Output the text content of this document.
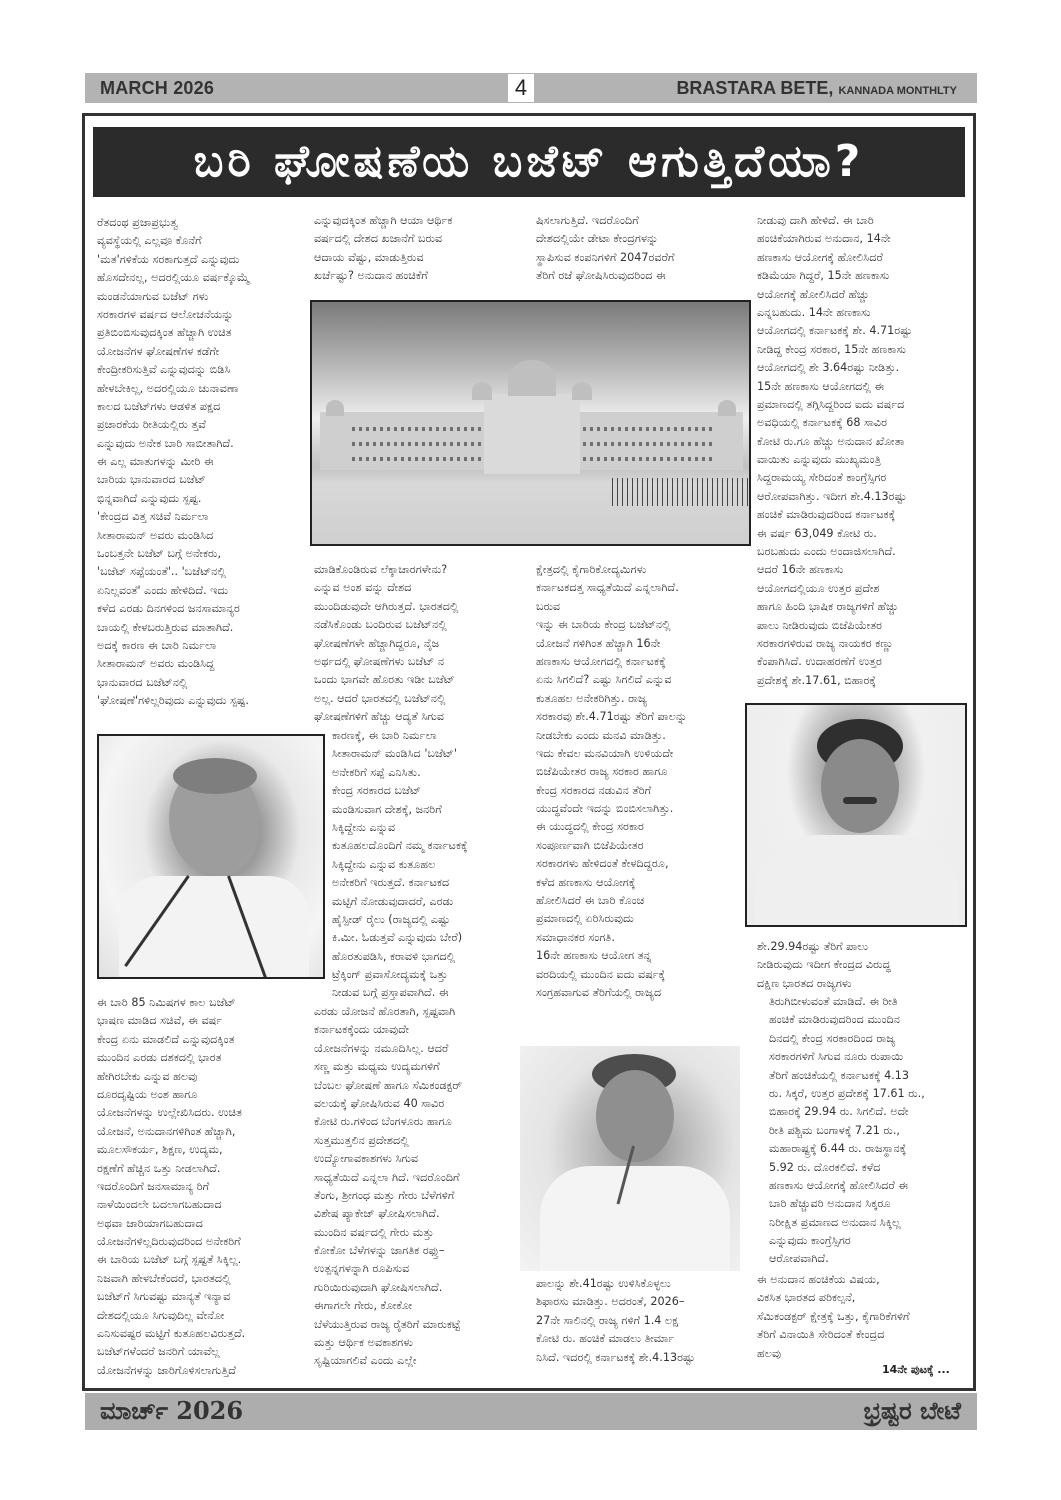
MARCH 2026	4	BRASTARA BETE, KANNADA MONTHLTY
ಬರಿ ಘೋಷಣೆಯ ಬಜೆಟ್ ಆಗುತ್ತಿದೆಯಾ?
ರೆತದಂಥ ಪ್ರಜಾಪ್ರಭುತ್ವ
ವ್ಯವಸ್ಥೆಯಲ್ಲಿ ಎಲ್ಲವೂ ಕೊನೆಗೆ
'ಮತ'ಗಳಿಕೆಯ ಸರಕಾಗುತ್ತದೆ ಎನ್ನುವುದು
ಹೊಸದೇನಲ್ಲ, ಅದರಲ್ಲಿಯೂ ವರ್ಷಕ್ಕೊಮ್ಮೆ
ಮಂಡನೆಯಾಗುವ ಬಜೆಟ್ ಗಳು
ಸರಕಾರಗಳ ವರ್ಷದ ಆಲೋಚನೆಯನ್ನು
ಪ್ರತಿಬಿಂಬಿಸುವುದಕ್ಕಿಂತ ಹೆಚ್ಚಾಗಿ ಉಚಿತ
ಯೋಜನೆಗಳ ಘೋಷಣೆಗಳ ಕಡೆಗೇ
ಕೇಂದ್ರೀಕರಿಸುತ್ತಿವೆ ಎನ್ನುವುದನ್ನು ಬಿಡಿಸಿ
ಹೇಳಬೇಕಿಲ್ಲ, ಅದರಲ್ಲಿಯೂ ಚುನಾವಣಾ
ಕಾಲದ ಬಜೆಟ್‌ಗಳು ಆಡಳಿತ ಪಕ್ಷದ
ಪ್ರಚಾರಕೆಯ ರೀತಿಯಲ್ಲಿರು ತ್ತವೆ
ಎನ್ನುವುದು ಅನೇಕ ಬಾರಿ ಸಾಬೀತಾಗಿದೆ.
ಈ ಎಲ್ಲ ಮಾತುಗಳನ್ನು ಮೀರಿ ಈ
ಬಾರಿಯ ಭಾನುವಾರದ ಬಜೆಟ್
ಭಿನ್ನವಾಗಿದೆ ಎನ್ನುವುದು ಸ್ಪಷ್ಟ.
'ಕೇಂದ್ರದ ವಿತ್ತ ಸಚಿವೆ ನಿರ್ಮಲಾ
ಸೀತಾರಾಮನ್ ಅವರು ಮಂಡಿಸಿದ
ಒಂಬತ್ತನೇ ಬಜೆಟ್ ಬಗ್ಗೆ ಅನೇಕರು,
'ಬಜೆಟ್ ಸಪ್ಪೆಯಂತೆ'.. 'ಬಜೆಟ್‌ನಲ್ಲಿ
ಏನಿಲ್ಲವಂತೆ' ಎಂದು ಹೇಳಿದಿದೆ. ಇದು
ಕಳೆದ ಎರಡು ದಿನಗಳಿಂದ ಜನಸಾಮಾನ್ಯರ
ಬಾಯಲ್ಲಿ ಕೇಳಬರುತ್ತಿರುವ ಮಾತಾಗಿದೆ.
ಅದಕ್ಕೆ ಕಾರಣ ಈ ಬಾರಿ ನಿರ್ಮಲಾ
ಸೀತಾರಾಮನ್ ಅವರು ಮಂಡಿಸಿದ್ದ
ಭಾನುವಾರದ ಬಜೆಟ್‌ನಲ್ಲಿ
'ಘೋಷಣೆ'ಗಳಿಲ್ಲರಿವುದು ಎನ್ನುವುದು ಸ್ಪಷ್ಟ.
ಈ ಬಾರಿ 85 ನಿಮಿಷಗಳ ಕಾಲ ಬಜೆಟ್
ಭಾಷಣ ಮಾಡಿದ ಸಚಿವೆ, ಈ ವರ್ಷ
ಕೇಂದ್ರ ಏನು ಮಾಡಲಿದೆ ಎನ್ನುವುದಕ್ಕಿಂತ
ಮುಂದಿನ ಎರಡು ದಶಕದಲ್ಲಿ ಭಾರತ
ಹೇಗಿರಬೇಕು ಎನ್ನುವ ಹಲವು
ದೂರದೃಷ್ಟಿಯ ಅಂಶ ಹಾಗೂ
ಯೋಜನೆಗಳನ್ನು ಉಲ್ಲೇಖಿಸಿದರು. ಉಚಿತ
ಯೋಜನೆ, ಅನುದಾನಗಳಿಗಿಂತ ಹೆಚ್ಚಾಗಿ,
ಮೂಲಸೌಕರ್ಯ, ಶಿಕ್ಷಣ, ಉದ್ಯಮ,
ರಕ್ಷಣೆಗೆ ಹೆಚ್ಚಿನ ಒತ್ತು ನೀಡಲಾಗಿದೆ.
ಇದರೊಂದಿಗೆ ಜನಸಾಮಾನ್ಯ ರಿಗೆ
ನಾಳೆಯಿಂದಲೇ ಬದಲಾಗಬಹುದಾದ
ಅಥವಾ ಜಾರಿಯಾಗಬಹುದಾದ
ಯೋಜನೆಗಳಿಲ್ಲದಿರುವುದರಿಂದ ಅನೇಕರಿಗೆ
ಈ ಬಾರಿಯ ಬಜೆಟ್ ಬಗ್ಗೆ ಸ್ಪಷ್ಟತೆ ಸಿಕ್ಕಿಲ್ಲ.
ನಿಜವಾಗಿ ಹೇಳಬೇಕೆಂದರೆ, ಭಾರತದಲ್ಲಿ
ಬಜೆಟ್‌ಗೆ ಸಿಗುವಷ್ಟು ಮಾನ್ಯತೆ ಇನ್ಯಾವ
ದೇಶದಲ್ಲಿಯೂ ಸಿಗುವುದಿಲ್ಲ ವೇನೋ
ಎನಿಸುವಷ್ಟರ ಮಟ್ಟಿಗೆ ಕುತೂಹಲವಿರುತ್ತದೆ.
ಬಜೆಟ್‌ಗಳೆಂದರೆ ಜನರಿಗೆ ಯಾವೆಲ್ಲ
ಯೋಜನೆಗಳನ್ನು ಜಾರಿಗೊಳಿಸಲಾಗುತ್ತಿದೆ
ಎನ್ನುವುದಕ್ಕಿಂತ ಹೆಚ್ಚಾಗಿ ಆಯಾ ಆರ್ಥಿಕ
ವರ್ಷದಲ್ಲಿ ದೇಶದ ಖಜಾನೆಗೆ ಬರುವ
ಆದಾಯ ವೆಷ್ಟು, ಮಾಡುತ್ತಿರುವ
ಖರ್ಚೆಷ್ಟು? ಅನುದಾನ ಹಂಚಿಕೆಗೆ
ಷಿಸಲಾಗುತ್ತಿದೆ. ಇದರೊಂದಿಗೆ
ದೇಶದಲ್ಲಿಯೇ ಡೇಟಾ ಕೇಂದ್ರಗಳನ್ನು
ಸ್ಥಾಪಿಸುವ ಕಂಪನಿಗಳಿಗೆ 2047ರವರೆಗೆ
ತೆರಿಗೆ ರಜೆ ಘೋಷಿಸಿರುವುದರಿಂದ ಈ
ಮಾಡಿಕೊಂಡಿರುವ ಲೆಕ್ಕಾಚಾರಗಳೇನು?
ಎನ್ನುವ ಅಂಶ ವನ್ನು ದೇಶದ
ಮುಂದಿಡುವುದೇ ಆಗಿರುತ್ತದೆ. ಭಾರತದಲ್ಲಿ
ನಡೆಸಿಕೊಂಡು ಬಂದಿರುವ ಬಜೆಟ್‌ನಲ್ಲಿ
ಘೋಷಣೆಗಳೇ ಹೆಚ್ಚಾಗಿದ್ದರೂ, ನೈಜ
ಅರ್ಥದಲ್ಲಿ ಘೋಷಣೆಗಳು ಬಜೆಟ್ ನ
ಒಂದು ಭಾಗವೇ ಹೊರತು ಇಡೀ ಬಜೆಟ್
ಅಲ್ಲ. ಆದರೆ ಭಾರತದಲ್ಲಿ ಬಜೆಟ್‌ನಲ್ಲಿ
ಘೋಷಣೆಗಳಿಗೆ ಹೆಚ್ಚು ಆದ್ಯತೆ ಸಿಗುವ
ಕಾರಣಕ್ಕೆ, ಈ ಬಾರಿ ನಿರ್ಮಲಾ
ಸೀತಾರಾಮನ್ ಮಂಡಿಸಿದ 'ಬಜೆಟ್'
ಅನೇಕರಿಗೆ ಸಪ್ಪೆ ಎನಿಸಿತು.
ಕೇಂದ್ರ ಸರಕಾರದ ಬಜೆಟ್
ಮಂಡಿಸುವಾಗ ದೇಶಕ್ಕೆ, ಜನರಿಗೆ
ಸಿಕ್ಕಿದ್ದೇನು ಎನ್ನುವ
ಕುತೂಹಲದೊಂದಿಗೆ ನಮ್ಮ ಕರ್ನಾಟಕಕ್ಕೆ
ಸಿಕ್ಕಿದ್ದೇನು ಎನ್ನುವ ಕುತೂಹಲ
ಅನೇಕರಿಗೆ ಇರುತ್ತದೆ. ಕರ್ನಾಟಕದ
ಮಟ್ಟಿಗೆ ನೋಡುವುದಾದರೆ, ಎರಡು
ಹೈಸ್ಪೀಡ್ ರೈಲು (ರಾಜ್ಯದಲ್ಲಿ ಎಷ್ಟು
ಕಿ.ಮೀ. ಓಡುತ್ತವೆ ಎನ್ನುವುದು ಬೇರೆ)
ಹೊರತುಪಡಿಸಿ, ಕರಾವಳಿ ಭಾಗದಲ್ಲಿ
ಟ್ರೆಕ್ಕಿಂಗ್ ಪ್ರವಾಸೋದ್ಯಮಕ್ಕೆ ಒತ್ತು
ನೀಡುವ ಬಗ್ಗೆ ಪ್ರಸ್ತಾಪವಾಗಿದೆ. ಈ
ಎರಡು ಯೋಜನೆ ಹೊರತಾಗಿ, ಸ್ಪಷ್ಟವಾಗಿ
ಕರ್ನಾಟಕಕ್ಕೆಂದು ಯಾವುದೇ
ಯೋಜನೆಗಳನ್ನು ನಮೂದಿಸಿಲ್ಲ. ಆದರೆ
ಸಣ್ಣ ಮತ್ತು ಮಧ್ಯಮ ಉದ್ಯಮಗಳಿಗೆ
ಬೆಂಬಲ ಘೋಷಣೆ ಹಾಗೂ ಸೆಮಿಕಂಡಕ್ಟರ್
ವಲಯಕ್ಕೆ ಘೋಷಿಸಿರುವ 40 ಸಾವಿರ
ಕೋಟಿ ರು.ಗಳಿಂದ ಬೆಂಗಳೂರು ಹಾಗೂ
ಸುತ್ತಮುತ್ತಲಿನ ಪ್ರದೇಶದಲ್ಲಿ
ಉದ್ಯೋಗಾವಕಾಶಗಳು ಸಿಗುವ
ಸಾಧ್ಯತೆಯಿದೆ ಎನ್ನಲಾ ಗಿದೆ. ಇದರೊಂದಿಗೆ
ತೆಂಗು, ಶ್ರೀಗಂಧ ಮತ್ತು ಗೇರು ಬೆಳೆಗಳಿಗೆ
ವಿಶೇಷ ಪ್ಯಾಕೇಜ್ ಘೋಷಿಸಲಾಗಿದೆ.
ಮುಂದಿನ ವರ್ಷದಲ್ಲಿ ಗೇರು ಮತ್ತು
ಕೋಕೋ ಬೆಳೆಗಳನ್ನು ಜಾಗತಿಕ ರಫ್ತು–
ಉತ್ಪನ್ನಗಳನ್ನಾಗಿ ರೂಪಿಸುವ
ಗುರಿಯಿರುವುದಾಗಿ ಘೋಷಿಸಲಾಗಿದೆ.
ಈಗಾಗಲೇ ಗೇರು, ಕೋಕೋ
ಬೆಳೆಯುತ್ತಿರುವ ರಾಜ್ಯ ರೈತರಿಗೆ ಮಾರುಕಟ್ಟೆ
ಮತ್ತು ಆರ್ಥಿಕ ಅವಕಾಶಗಳು
ಸೃಷ್ಟಿಯಾಗಲಿವೆ ಎಂದು ಎಲ್ಲೇ
ಕ್ಷೇತ್ರದಲ್ಲಿ ಕೈಗಾರಿಕೋದ್ಯಮಿಗಳು
ಕರ್ನಾಟಕದತ್ತ ಸಾಧ್ಯತೆಯಿದೆ ಎನ್ನಲಾಗಿದೆ.
ಬರುವ
ಇನ್ನು ಈ ಬಾರಿಯ ಕೇಂದ್ರ ಬಜೆಟ್‌ನಲ್ಲಿ
ಯೋಜನೆ ಗಳಿಗಿಂತ ಹೆಚ್ಚಾಗಿ 16ನೇ
ಹಣಕಾಸು ಆಯೋಗದಲ್ಲಿ ಕರ್ನಾಟಕಕ್ಕೆ
ಏನು ಸಿಗಲಿದೆ? ಎಷ್ಟು ಸಿಗಲಿದೆ ಎನ್ನುವ
ಕುತೂಹಲ ಅನೇಕರಿಗಿತ್ತು. ರಾಜ್ಯ
ಸರಕಾರವು ಶೇ.4.71ರಷ್ಟು ತೆರಿಗೆ ಪಾಲನ್ನು
ನೀಡಬೇಕು ಎಂದು ಮನವಿ ಮಾಡಿತ್ತು.
ಇದು ಕೇವಲ ಮನವಿಯಾಗಿ ಉಳಿಯದೇ
ಬಿಜೆಪಿಯೇತರ ರಾಜ್ಯ ಸರಕಾರ ಹಾಗೂ
ಕೇಂದ್ರ ಸರಕಾರದ ನಡುವಿನ ತೆರಿಗೆ
ಯುದ್ಧವೆಂದೇ ಇದನ್ನು ಬಿಂಬಿಸಲಾಗಿತ್ತು.
ಈ ಯುದ್ಧದಲ್ಲಿ ಕೇಂದ್ರ ಸರಕಾರ
ಸಂಪೂರ್ಣವಾಗಿ ಬಿಜೆಪಿಯೇತರ
ಸರಕಾರಗಳು ಹೇಳಿದಂತೆ ಕೇಳದಿದ್ದರೂ,
ಕಳೆದ ಹಣಕಾಸು ಆಯೋಗಕ್ಕೆ
ಹೋಲಿಸಿದರೆ ಈ ಬಾರಿ ಕೊಂಚ
ಪ್ರಮಾಣದಲ್ಲಿ ಏರಿಸಿರುವುದು
ಸಮಾಧಾನಕರ ಸಂಗತಿ.
16ನೇ ಹಣಕಾಸು ಆಯೋಗ ತನ್ನ
ವರದಿಯಲ್ಲಿ ಮುಂದಿನ ಐದು ವರ್ಷಕ್ಕೆ
ಸಂಗ್ರಹವಾಗುವ ತೆರಿಗೆಯಲ್ಲಿ ರಾಜ್ಯದ
ಪಾಲನ್ನು ಶೇ.41ರಷ್ಟು ಉಳಿಸಿಕೊಳ್ಳಲು
ಶಿಫಾರಸು ಮಾಡಿತ್ತು. ಅದರಂತೆ, 2026–
27ನೇ ಸಾಲಿನಲ್ಲಿ ರಾಜ್ಯ ಗಳಿಗೆ 1.4 ಲಕ್ಷ
ಕೋಟಿ ರು. ಹಂಚಿಕೆ ಮಾಡಲು ತೀರ್ಮಾ
ನಿಸಿದೆ. ಇದರಲ್ಲಿ ಕರ್ನಾಟಕಕ್ಕೆ ಶೇ.4.13ರಷ್ಟು
ನೀಡುವು ದಾಗಿ ಹೇಳಿದೆ. ಈ ಬಾರಿ
ಹಂಚಿಕೆಯಾಗಿರುವ ಅನುದಾನ, 14ನೇ
ಹಣಕಾಸು ಆಯೋಗಕ್ಕೆ ಹೋಲಿಸಿದರೆ
ಕಡಿಮೆಯಾ ಗಿದ್ದರೆ, 15ನೇ ಹಣಕಾಸು
ಆಯೋಗಕ್ಕೆ ಹೋಲಿಸಿದರೆ ಹೆಚ್ಚು
ಎನ್ನಬಹುದು. 14ನೇ ಹಣಕಾಸು
ಆಯೋಗದಲ್ಲಿ ಕರ್ನಾಟಕಕ್ಕೆ ಶೇ. 4.71ರಷ್ಟು
ನೀಡಿದ್ದ ಕೇಂದ್ರ ಸರಕಾರ, 15ನೇ ಹಣಕಾಸು
ಆಯೋಗದಲ್ಲಿ ಶೇ 3.64ರಷ್ಟು ನೀಡಿತ್ತು.
15ನೇ ಹಣಕಾಸು ಆಯೋಗದಲ್ಲಿ ಈ
ಪ್ರಮಾಣದಲ್ಲಿ ತಗ್ಗಿಸಿದ್ದರಿಂದ ಐದು ವರ್ಷದ
ಅವಧಿಯಲ್ಲಿ ಕರ್ನಾಟಕಕ್ಕೆ 68 ಸಾವಿರ
ಕೋಟಿ ರು.ಗೂ ಹೆಚ್ಚು ಅನುದಾನ ಖೋತಾ
ವಾಯಿತು ಎನ್ನುವುದು ಮುಖ್ಯಮಂತ್ರಿ
ಸಿದ್ದರಾಮಯ್ಯ ಸೇರಿದಂತೆ ಕಾಂಗ್ರೆಸ್ಸಿಗರ
ಆರೋಪವಾಗಿತ್ತು. ಇದೀಗ ಶೇ.4.13ರಷ್ಟು
ಹಂಚಿಕೆ ಮಾಡಿರುವುದರಿಂದ ಕರ್ನಾಟಕಕ್ಕೆ
ಈ ವರ್ಷ 63,049 ಕೋಟಿ ರು.
ಬರಬಹುದು ಎಂದು ಅಂದಾಜಿಸಲಾಗಿದೆ.
ಆದರೆ 16ನೇ ಹಣಕಾಸು
ಆಯೋಗದಲ್ಲಿಯೂ ಉತ್ತರ ಪ್ರದೇಶ
ಹಾಗೂ ಹಿಂದಿ ಭಾಷಿಕ ರಾಜ್ಯಗಳಿಗೆ ಹೆಚ್ಚು
ಪಾಲು ನೀಡಿರುವುದು ಬಿಜೆಪಿಯೇತರ
ಸರಕಾರಗಳಿರುವ ರಾಜ್ಯ ನಾಯಕರ ಕಣ್ಣು
ಕೆಂಪಾಗಿಸಿದೆ. ಉದಾಹರಣೆಗೆ ಉತ್ತರ
ಪ್ರದೇಶಕ್ಕೆ ಶೇ.17.61, ಬಿಹಾರಕ್ಕೆ
ಶೇ.29.94ರಷ್ಟು ತೆರಿಗೆ ಪಾಲು
ನೀಡಿರುವುದು ಇದೀಗ ಕೇಂದ್ರದ ವಿರುದ್ಧ
ದಕ್ಷಿಣ ಭಾರತದ ರಾಜ್ಯಗಳು
ತಿರುಗಿಬೀಳುವಂತೆ ಮಾಡಿದೆ. ಈ ರೀತಿ
ಹಂಚಿಕೆ ಮಾಡಿರುವುದರಿಂದ ಮುಂದಿನ
ದಿನದಲ್ಲಿ ಕೇಂದ್ರ ಸರಕಾರದಿಂದ ರಾಜ್ಯ
ಸರಕಾರಗಳಿಗೆ ಸಿಗುವ ನೂರು ರುಪಾಯಿ
ತೆರಿಗೆ ಹಂಚಿಕೆಯಲ್ಲಿ ಕರ್ನಾಟಕಕ್ಕೆ 4.13
ರು. ಸಿಕ್ಕರೆ, ಉತ್ತರ ಪ್ರದೇಶಕ್ಕೆ 17.61 ರು.,
ಬಿಹಾರಕ್ಕೆ 29.94 ರು. ಸಿಗಲಿದೆ. ಅದೇ
ರೀತಿ ಪಶ್ಚಿಮ ಬಂಗಾಳಕ್ಕೆ 7.21 ರು.,
ಮಹಾರಾಷ್ಟ್ರಕ್ಕೆ 6.44 ರು. ರಾಜಸ್ಥಾನಕ್ಕೆ
5.92 ರು. ದೊರಕಲಿದೆ. ಕಳೆದ
ಹಣಕಾಸು ಆಯೋಗಕ್ಕೆ ಹೋಲಿಸಿದರೆ ಈ
ಬಾರಿ ಹೆಚ್ಚುವರಿ ಅನುದಾನ ಸಿಕ್ಕರೂ
ನಿರೀಕ್ಷಿತ ಪ್ರಮಾಣದ ಅನುದಾನ ಸಿಕ್ಕಿಲ್ಲ
ಎನ್ನುವುದು ಕಾಂಗ್ರೆಸ್ಸಿಗರ
ಆರೋಪವಾಗಿದೆ.
ಈ ಅನುದಾನ ಹಂಚಿಕೆಯ ವಿಷಯ,
ವಿಕಸಿತ ಭಾರತದ ಪರಿಕಲ್ಪನೆ,
ಸೆಮಿಕಂಡಕ್ಟರ್ ಕ್ಷೇತ್ರಕ್ಕೆ ಒತ್ತು, ಕೈಗಾರಿಕೆಗಳಿಗೆ
ತೆರಿಗೆ ವಿನಾಯಿತಿ ಸೇರಿದಂತೆ ಕೇಂದ್ರದ
ಹಲವು
14ನೇ ಪುಟಕ್ಕೆ ...
ಮಾರ್ಚ್ 2026	ಭ್ರಷ್ಟರ ಬೇಟೆ
